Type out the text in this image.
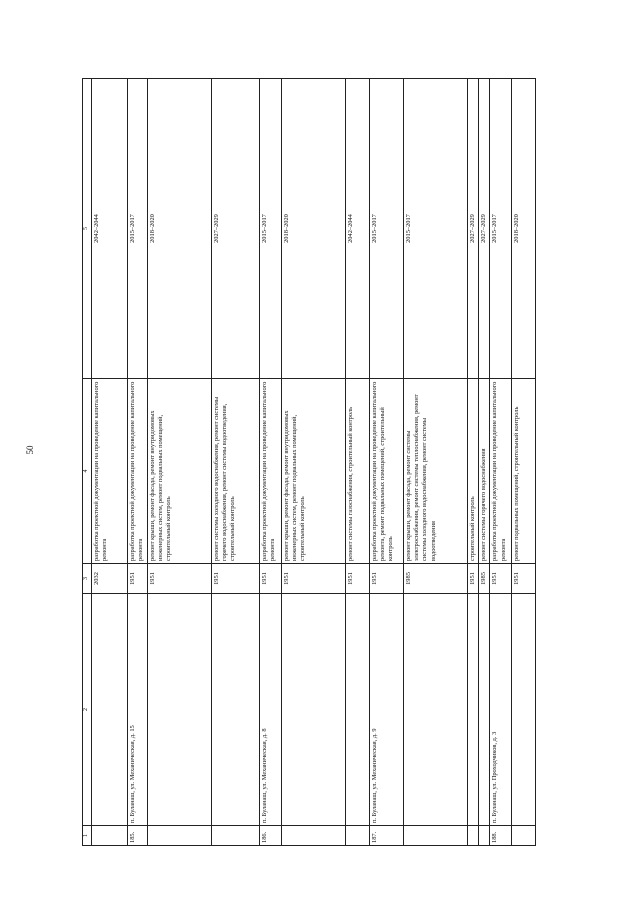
50
1	2	3	4	5
		2032	разработка проектной документации на проведение капитального ремонта	2042–2044
185.	п. Буланаш, ул. Механическая, д. 15	1951	разработка проектной документации на проведение капитального ремонта	2015–2017
		1951	ремонт крыши, ремонт фасада, ремонт внутридомовых инженерных систем, ремонт подвальных помещений, строительный контроль	2018–2020
		1951	ремонт системы холодного водоснабжения, ремонт системы горячего водоснабжения, ремонт системы водоотведения, строительный контроль	2027–2029
186.	п. Буланаш, ул. Механическая, д. 8	1951	разработка проектной документации на проведение капитального ремонта	2015–2017
		1951	ремонт крыши, ремонт фасада, ремонт внутридомовых инженерных систем, ремонт подвальных помещений, строительный контроль	2018–2020
		1951	ремонт системы газоснабжения, строительный контроль	2042–2044
187.	п. Буланаш, ул. Механическая, д. 9	1951	разработка проектной документации на проведение капитального ремонта, ремонт подвальных помещений, строительный контроль	2015–2017
		1985	ремонт крыши, ремонт фасада, ремонт системы электроснабжения, ремонт системы теплоснабжения, ремонт системы холодного водоснабжения, ремонт системы водоотведения	2015–2017
		1951	строительный контроль	2027–2029
		1985	ремонт системы горячего водоснабжения	2027–2029
188.	п. Буланаш, ул. Проходчиков, д. 3	1951	разработка проектной документации на проведение капитального ремонта	2015–2017
		1951	ремонт подвальных помещений, строительный контроль	2018–2020
